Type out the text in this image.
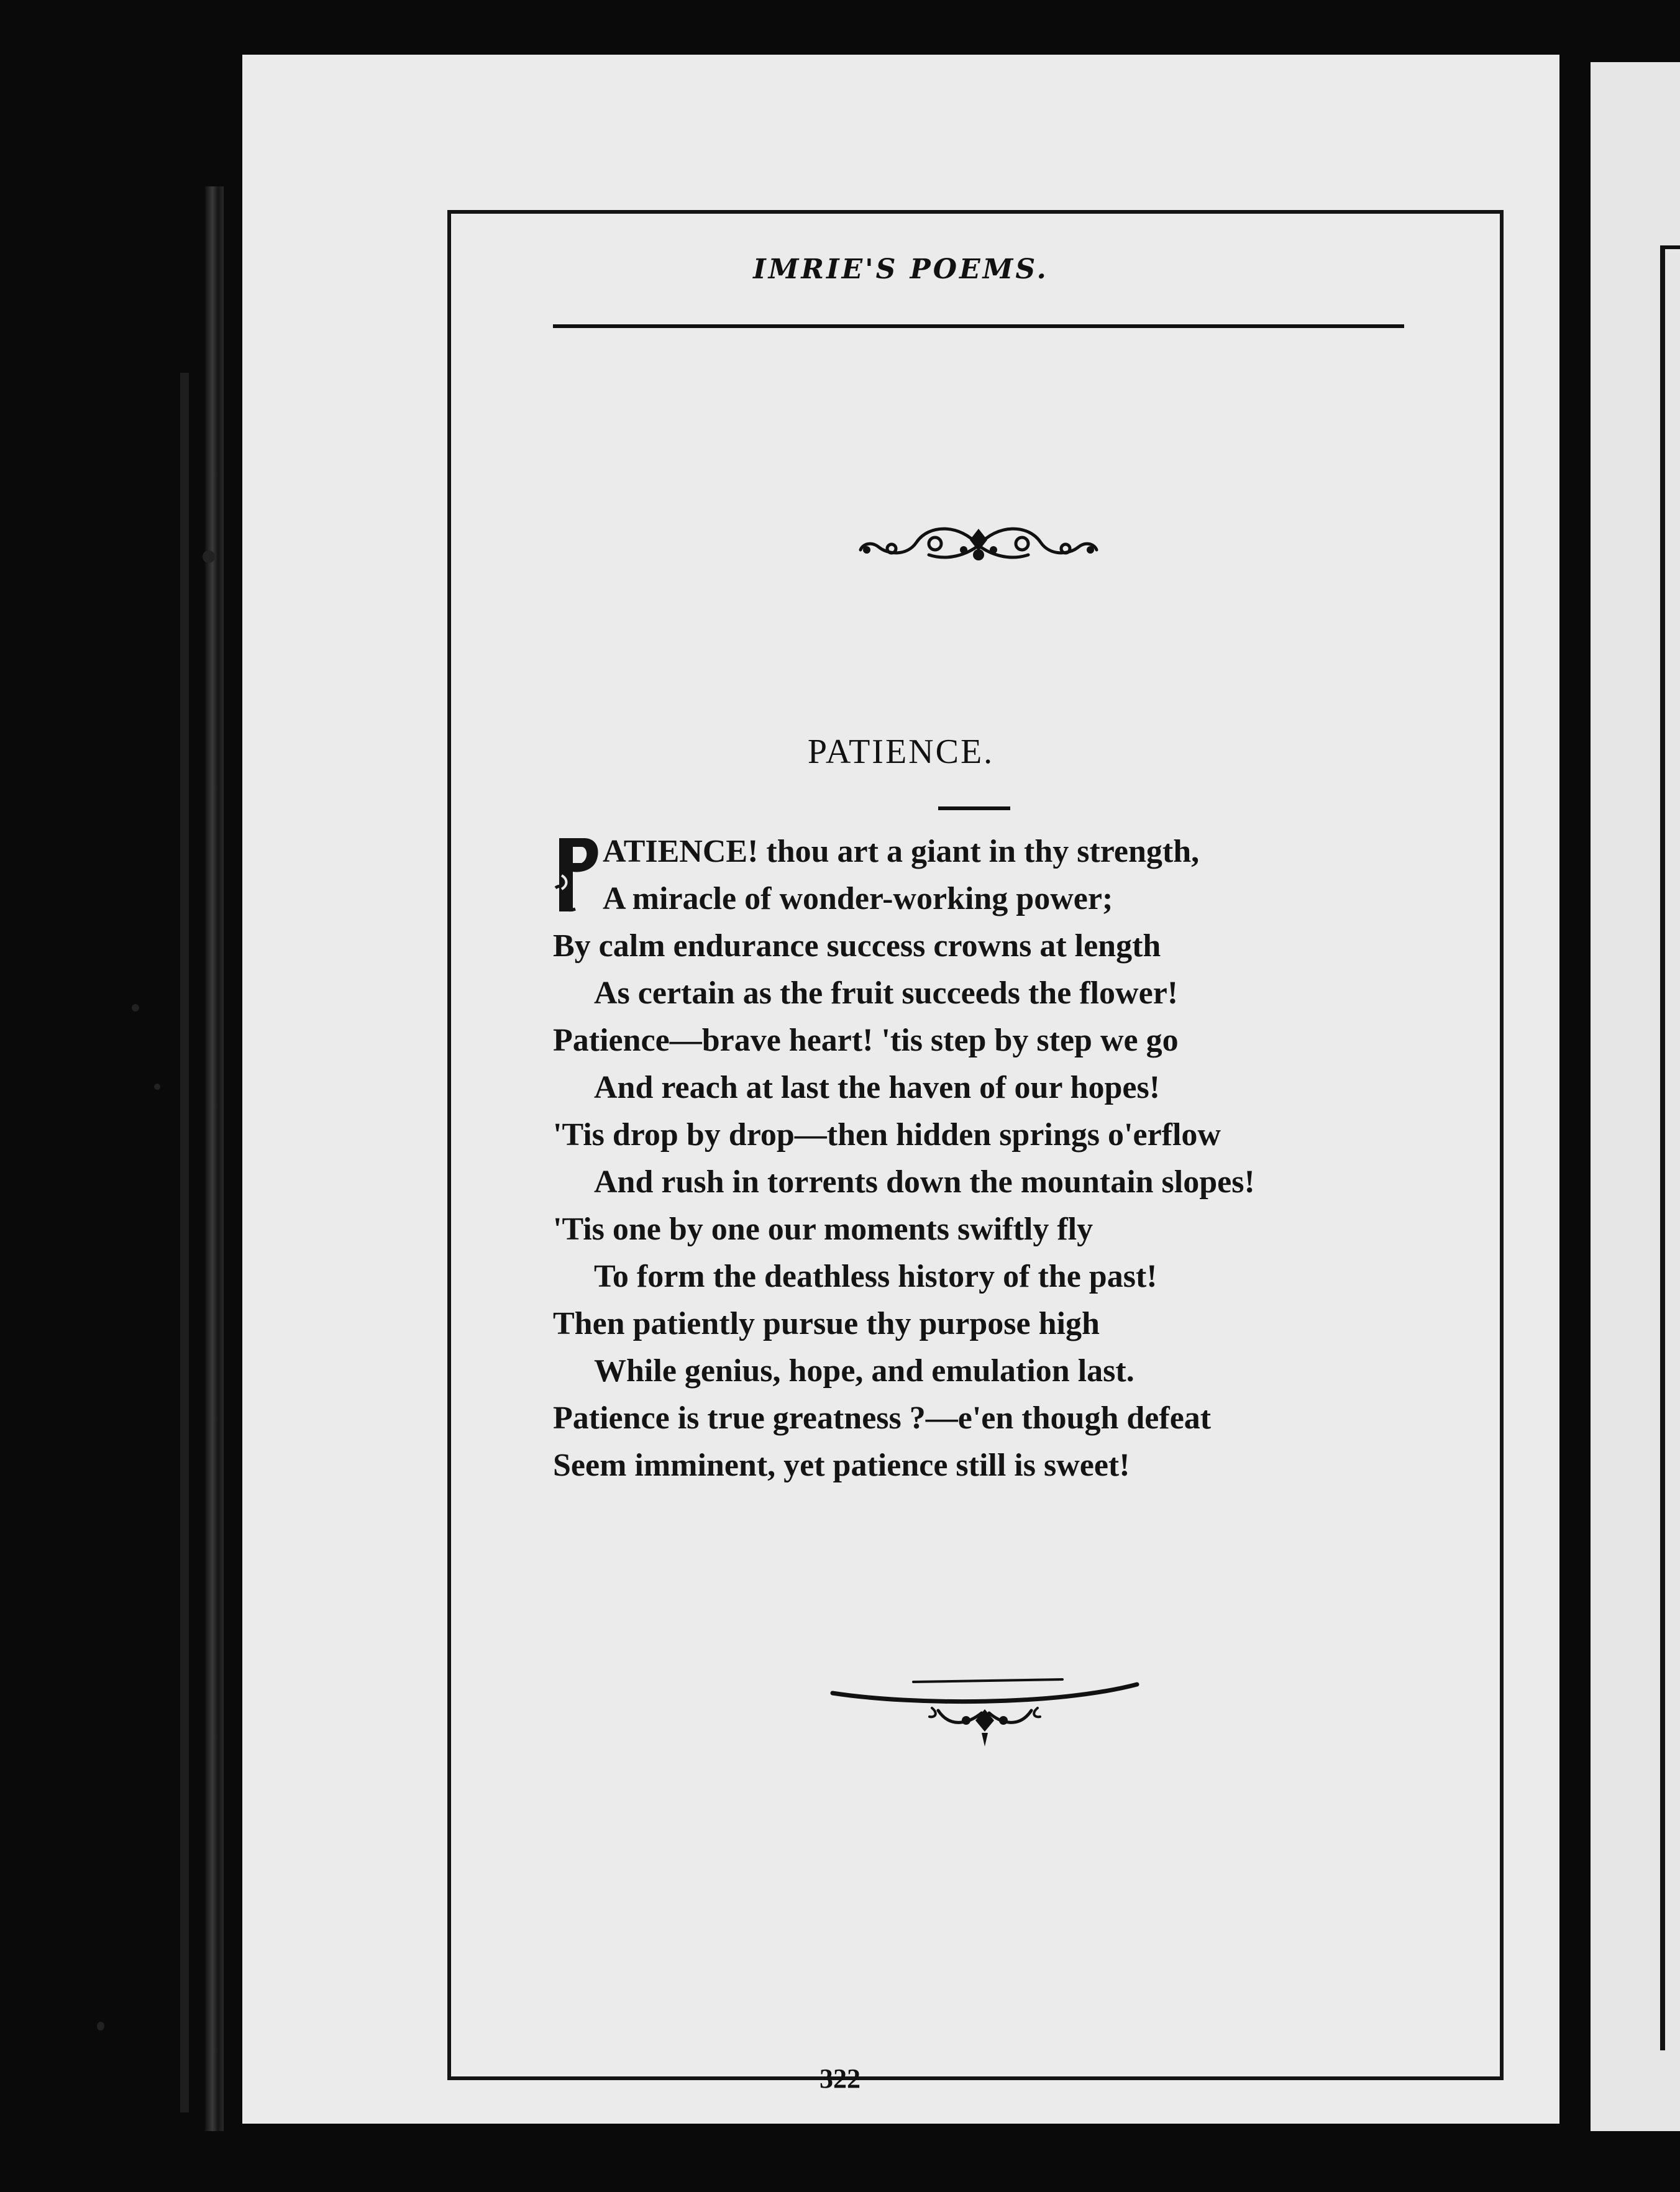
IMRIE'S POEMS.
PATIENCE.
ATIENCE! thou art a giant in thy strength,
A miracle of wonder-working power;
By calm endurance success crowns at length
As certain as the fruit succeeds the flower!
Patience—brave heart! 'tis step by step we go
And reach at last the haven of our hopes!
'Tis drop by drop—then hidden springs o'erflow
And rush in torrents down the mountain slopes!
'Tis one by one our moments swiftly fly
To form the deathless history of the past!
Then patiently pursue thy purpose high
While genius, hope, and emulation last.
Patience is true greatness ?—e'en though defeat
Seem imminent, yet patience still is sweet!
322
